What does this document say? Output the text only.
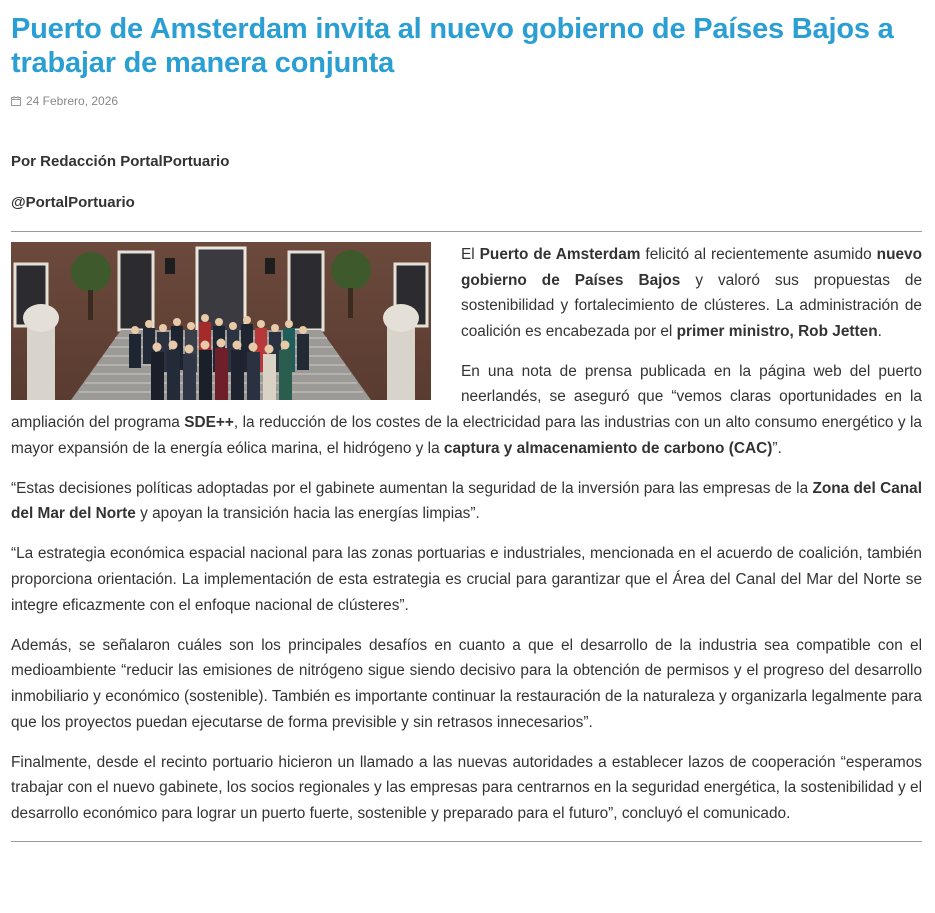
Puerto de Amsterdam invita al nuevo gobierno de Países Bajos a trabajar de manera conjunta
24 Febrero, 2026
Por Redacción PortalPortuario
@PortalPortuario

El Puerto de Amsterdam felicitó al recientemente asumido nuevo gobierno de Países Bajos y valoró sus propuestas de sostenibilidad y fortalecimiento de clústeres. La administración de coalición es encabezada por el primer ministro, Rob Jetten.

En una nota de prensa publicada en la página web del puerto neerlandés, se aseguró que “vemos claras oportunidades en la ampliación del programa SDE++, la reducción de los costes de la electricidad para las industrias con un alto consumo energético y la mayor expansión de la energía eólica marina, el hidrógeno y la captura y almacenamiento de carbono (CAC)”.

“Estas decisiones políticas adoptadas por el gabinete aumentan la seguridad de la inversión para las empresas de la Zona del Canal del Mar del Norte y apoyan la transición hacia las energías limpias”.

“La estrategia económica espacial nacional para las zonas portuarias e industriales, mencionada en el acuerdo de coalición, también proporciona orientación. La implementación de esta estrategia es crucial para garantizar que el Área del Canal del Mar del Norte se integre eficazmente con el enfoque nacional de clústeres”.

Además, se señalaron cuáles son los principales desafíos en cuanto a que el desarrollo de la industria sea compatible con el medioambiente “reducir las emisiones de nitrógeno sigue siendo decisivo para la obtención de permisos y el progreso del desarrollo inmobiliario y económico (sostenible). También es importante continuar la restauración de la naturaleza y organizarla legalmente para que los proyectos puedan ejecutarse de forma previsible y sin retrasos innecesarios”.

Finalmente, desde el recinto portuario hicieron un llamado a las nuevas autoridades a establecer lazos de cooperación “esperamos trabajar con el nuevo gabinete, los socios regionales y las empresas para centrarnos en la seguridad energética, la sostenibilidad y el desarrollo económico para lograr un puerto fuerte, sostenible y preparado para el futuro”, concluyó el comunicado.
